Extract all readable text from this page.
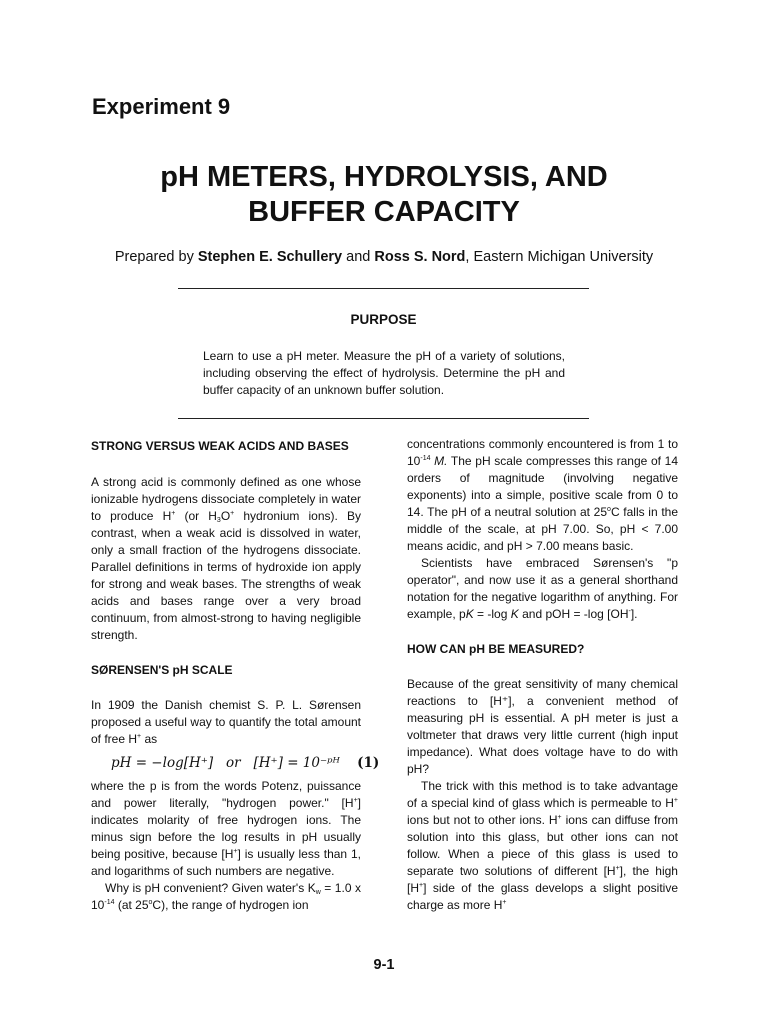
Experiment 9
pH METERS, HYDROLYSIS, AND
BUFFER CAPACITY
Prepared by Stephen E. Schullery and Ross S. Nord, Eastern Michigan University
PURPOSE
Learn to use a pH meter. Measure the pH of a variety of solutions, including observing the effect of hydrolysis. Determine the pH and buffer capacity of an unknown buffer solution.
STRONG VERSUS WEAK ACIDS AND BASES

A strong acid is commonly defined as one whose ionizable hydrogens dissociate completely in water to produce H+ (or $H_3O^+$ hydronium ions). By contrast, when a weak acid is dissolved in water, only a small fraction of the hydrogens dissociate. Parallel definitions in terms of hydroxide ion apply for strong and weak bases. The strengths of weak acids and bases range over a very broad continuum, from almost-strong to having negligible strength.

SØRENSEN'S pH SCALE

In 1909 the Danish chemist S. P. L. Sørensen proposed a useful way to quantify the total amount of free H+ as

pH = −log[H⁺] or [H⁺] = 10⁻ᵖᴴ (1)

where the p is from the words Potenz, puissance and power literally, "hydrogen power." [H+] indicates molarity of free hydrogen ions. The minus sign before the log results in pH usually being positive, because [H+] is usually less than 1, and logarithms of such numbers are negative.

Why is pH convenient? Given water's $K_w = 1.0$ x $10^{-14}$ (at 25$^o$C), the range of hydrogen ion

concentrations commonly encountered is from 1 to $10^{-14}$ M. The pH scale compresses this range of 14 orders of magnitude (involving negative exponents) into a simple, positive scale from 0 to 14. The pH of a neutral solution at 25$^o$C falls in the middle of the scale, at pH 7.00. So, pH < 7.00 means acidic, and pH > 7.00 means basic.

Scientists have embraced Sørensen's "p operator", and now use it as a general shorthand notation for the negative logarithm of anything. For example, pK = -log K and pOH = -log [OH-].

HOW CAN pH BE MEASURED?

Because of the great sensitivity of many chemical reactions to [H⁺], a convenient method of measuring pH is essential. A pH meter is just a voltmeter that draws very little current (high input impedance). What does voltage have to do with pH?

The trick with this method is to take advantage of a special kind of glass which is permeable to H+ ions but not to other ions. H+ ions can diffuse from solution into this glass, but other ions can not follow. When a piece of this glass is used to separate two solutions of different [H+], the high [H+] side of the glass develops a slight positive charge as more H+

9-1
